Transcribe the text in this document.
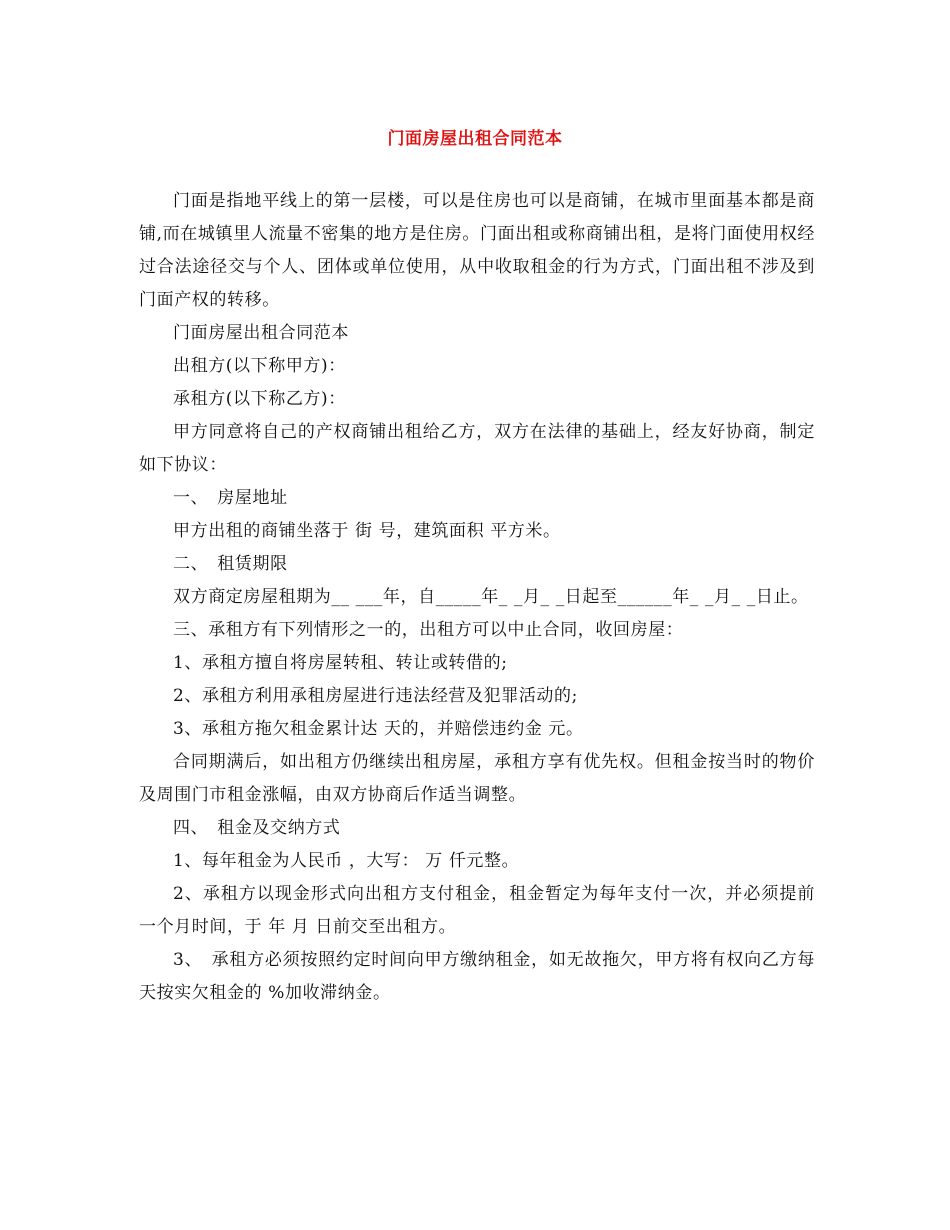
门面房屋出租合同范本

门面是指地平线上的第一层楼，可以是住房也可以是商铺，在城市里面基本都是商铺,而在城镇里人流量不密集的地方是住房。门面出租或称商铺出租，是将门面使用权经过合法途径交与个人、团体或单位使用，从中收取租金的行为方式，门面出租不涉及到门面产权的转移。

门面房屋出租合同范本

出租方(以下称甲方)：

承租方(以下称乙方)：

甲方同意将自己的产权商铺出租给乙方，双方在法律的基础上，经友好协商，制定如下协议：

一、　房屋地址

甲方出租的商铺坐落于 街 号，建筑面积 平方米。

二、　租赁期限

双方商定房屋租期为__ ___年，自_____年_ _月_ _日起至______年_ _月_ _日止。

三、承租方有下列情形之一的，出租方可以中止合同，收回房屋：

1、承租方擅自将房屋转租、转让或转借的;

2、承租方利用承租房屋进行违法经营及犯罪活动的;

3、承租方拖欠租金累计达 天的，并赔偿违约金 元。

合同期满后，如出租方仍继续出租房屋，承租方享有优先权。但租金按当时的物价及周围门市租金涨幅，由双方协商后作适当调整。

四、　租金及交纳方式

1、每年租金为人民币 ，大写： 万 仟元整。

2、承租方以现金形式向出租方支付租金，租金暂定为每年支付一次，并必须提前一个月时间，于 年 月 日前交至出租方。

3、　承租方必须按照约定时间向甲方缴纳租金，如无故拖欠，甲方将有权向乙方每天按实欠租金的 %加收滞纳金。
